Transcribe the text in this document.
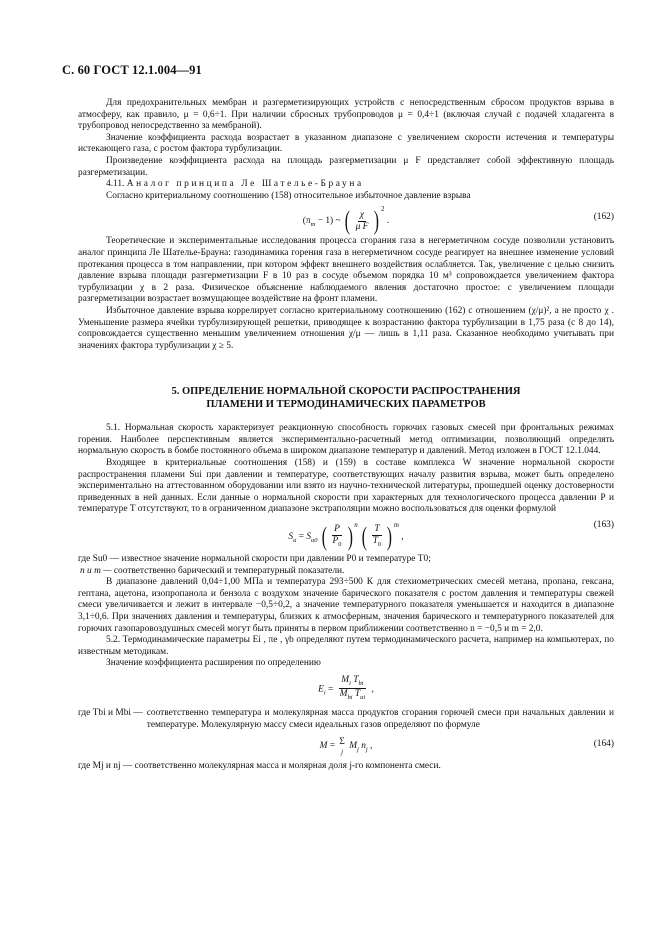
С. 60 ГОСТ 12.1.004—91

Для предохранительных мембран и разгерметизирующих устройств с непосредственным сбросом продуктов взрыва в атмосферу, как правило, μ = 0,6÷1. При наличии сбросных трубопроводов μ = 0,4÷1 (включая случай с подачей хладагента в трубопровод непосредственно за мембраной).

Значение коэффициента расхода возрастает в указанном диапазоне с увеличением скорости истечения и температуры истекающего газа, с ростом фактора турбулизации.

Произведение коэффициента расхода на площадь разгерметизации μ F представляет собой эффективную площадь разгерметизации.

4.11. Аналог принципа Ле Шателье-Брауна

Согласно критериальному соотношению (158) относительное избыточное давление взрыва

$(\pi_m - 1)$ ~ ( $\frac{\chi}{\text{μ F}}$ ) $^2$ .	(162)

Теоретические и экспериментальные исследования процесса сгорания газа в негерметичном сосуде позволили установить аналог принципа Ле Шателье-Брауна: газодинамика горения газа в негерметичном сосуде реагирует на внешнее изменение условий протекания процесса в том направлении, при котором эффект внешнего воздействия ослабляется. Так, увеличение с целью снизить давление взрыва площади разгерметизации F в 10 раз в сосуде объемом порядка 10 м³ сопровождается увеличением фактора турбулизации χ в 2 раза. Физическое объяснение наблюдаемого явления достаточно простое: с увеличением площади разгерметизации возрастает возмущающее воздействие на фронт пламени.

Избыточное давление взрыва коррелирует согласно критериальному соотношению (162) с отношением (χ/μ)², а не просто χ . Уменьшение размера ячейки турбулизирующей решетки, приводящее к возрастанию фактора турбулизации в 1,75 раза (с 8 до 14), сопровождается существенно меньшим увеличением отношения χ/μ — лишь в 1,11 раза. Сказанное необходимо учитывать при значениях фактора турбулизации χ ≥ 5.

5. ОПРЕДЕЛЕНИЕ НОРМАЛЬНОЙ СКОРОСТИ РАСПРОСТРАНЕНИЯ
ПЛАМЕНИ И ТЕРМОДИНАМИЧЕСКИХ ПАРАМЕТРОВ

5.1. Нормальная скорость характеризует реакционную способность горючих газовых смесей при фронтальных режимах горения. Наиболее перспективным является экспериментально-расчетный метод оптимизации, позволяющий определять нормальную скорость в бомбе постоянного объема в широком диапазоне температур и давлений. Метод изложен в ГОСТ 12.1.044.

Входящее в критериальные соотношения (158) и (159) в составе комплекса W значение нормальной скорости распространения пламени Sui при давлении и температуре, соответствующих началу развития взрыва, может быть определено экспериментально на аттестованном оборудовании или взято из научно-технической литературы, прошедшей оценку достоверности приведенных в ней данных. Если данные о нормальной скорости при характерных для технологического процесса давлении P и температуре T отсутствуют, то в ограниченном диапазоне экстраполяции можно воспользоваться для оценки формулой

$S_u = S_{u0}$ ( $\frac{P}{P_0}$ ) $^n$ ( $\frac{T}{T_0}$ ) $^m$ ,
(163)

где Su0 — известное значение нормальной скорости при давлении P0 и температуре T0;

n и m — соответственно барический и температурный показатели.

В диапазоне давлений 0,04÷1,00 МПа и температура 293÷500 К для стехиометрических смесей метана, пропана, гексана, гептана, ацетона, изопропанола и бензола с воздухом значение барического показателя с ростом давления и температуры свежей смеси увеличивается и лежит в интервале −0,5÷0,2, а значение температурного показателя уменьшается и находится в диапазоне 3,1÷0,6. При значениях давления и температуры, близких к атмосферным, значения барического и температурного показателей для горючих газопаровоздушных смесей могут быть приняты в первом приближении соответственно n = −0,5 и m = 2,0.

5.2. Термодинамические параметры Ei , πe , γb определяют путем термодинамического расчета, например на компьютерах, по известным методикам.

Значение коэффициента расширения по определению

$E_i = \frac{M_i T_{bi}}{M_{bi} T_{ui}}$ ,
где Tbi и Mbi — соответственно температура и молекулярная масса продуктов сгорания горючей смеси при начальных давлении и температуре. Молекулярную массу смеси идеальных газов определяют по формуле
M = Σ
j
$M_j$ $n_j$ ,	(164)

где Mj и nj — соответственно молекулярная масса и молярная доля j-го компонента смеси.
